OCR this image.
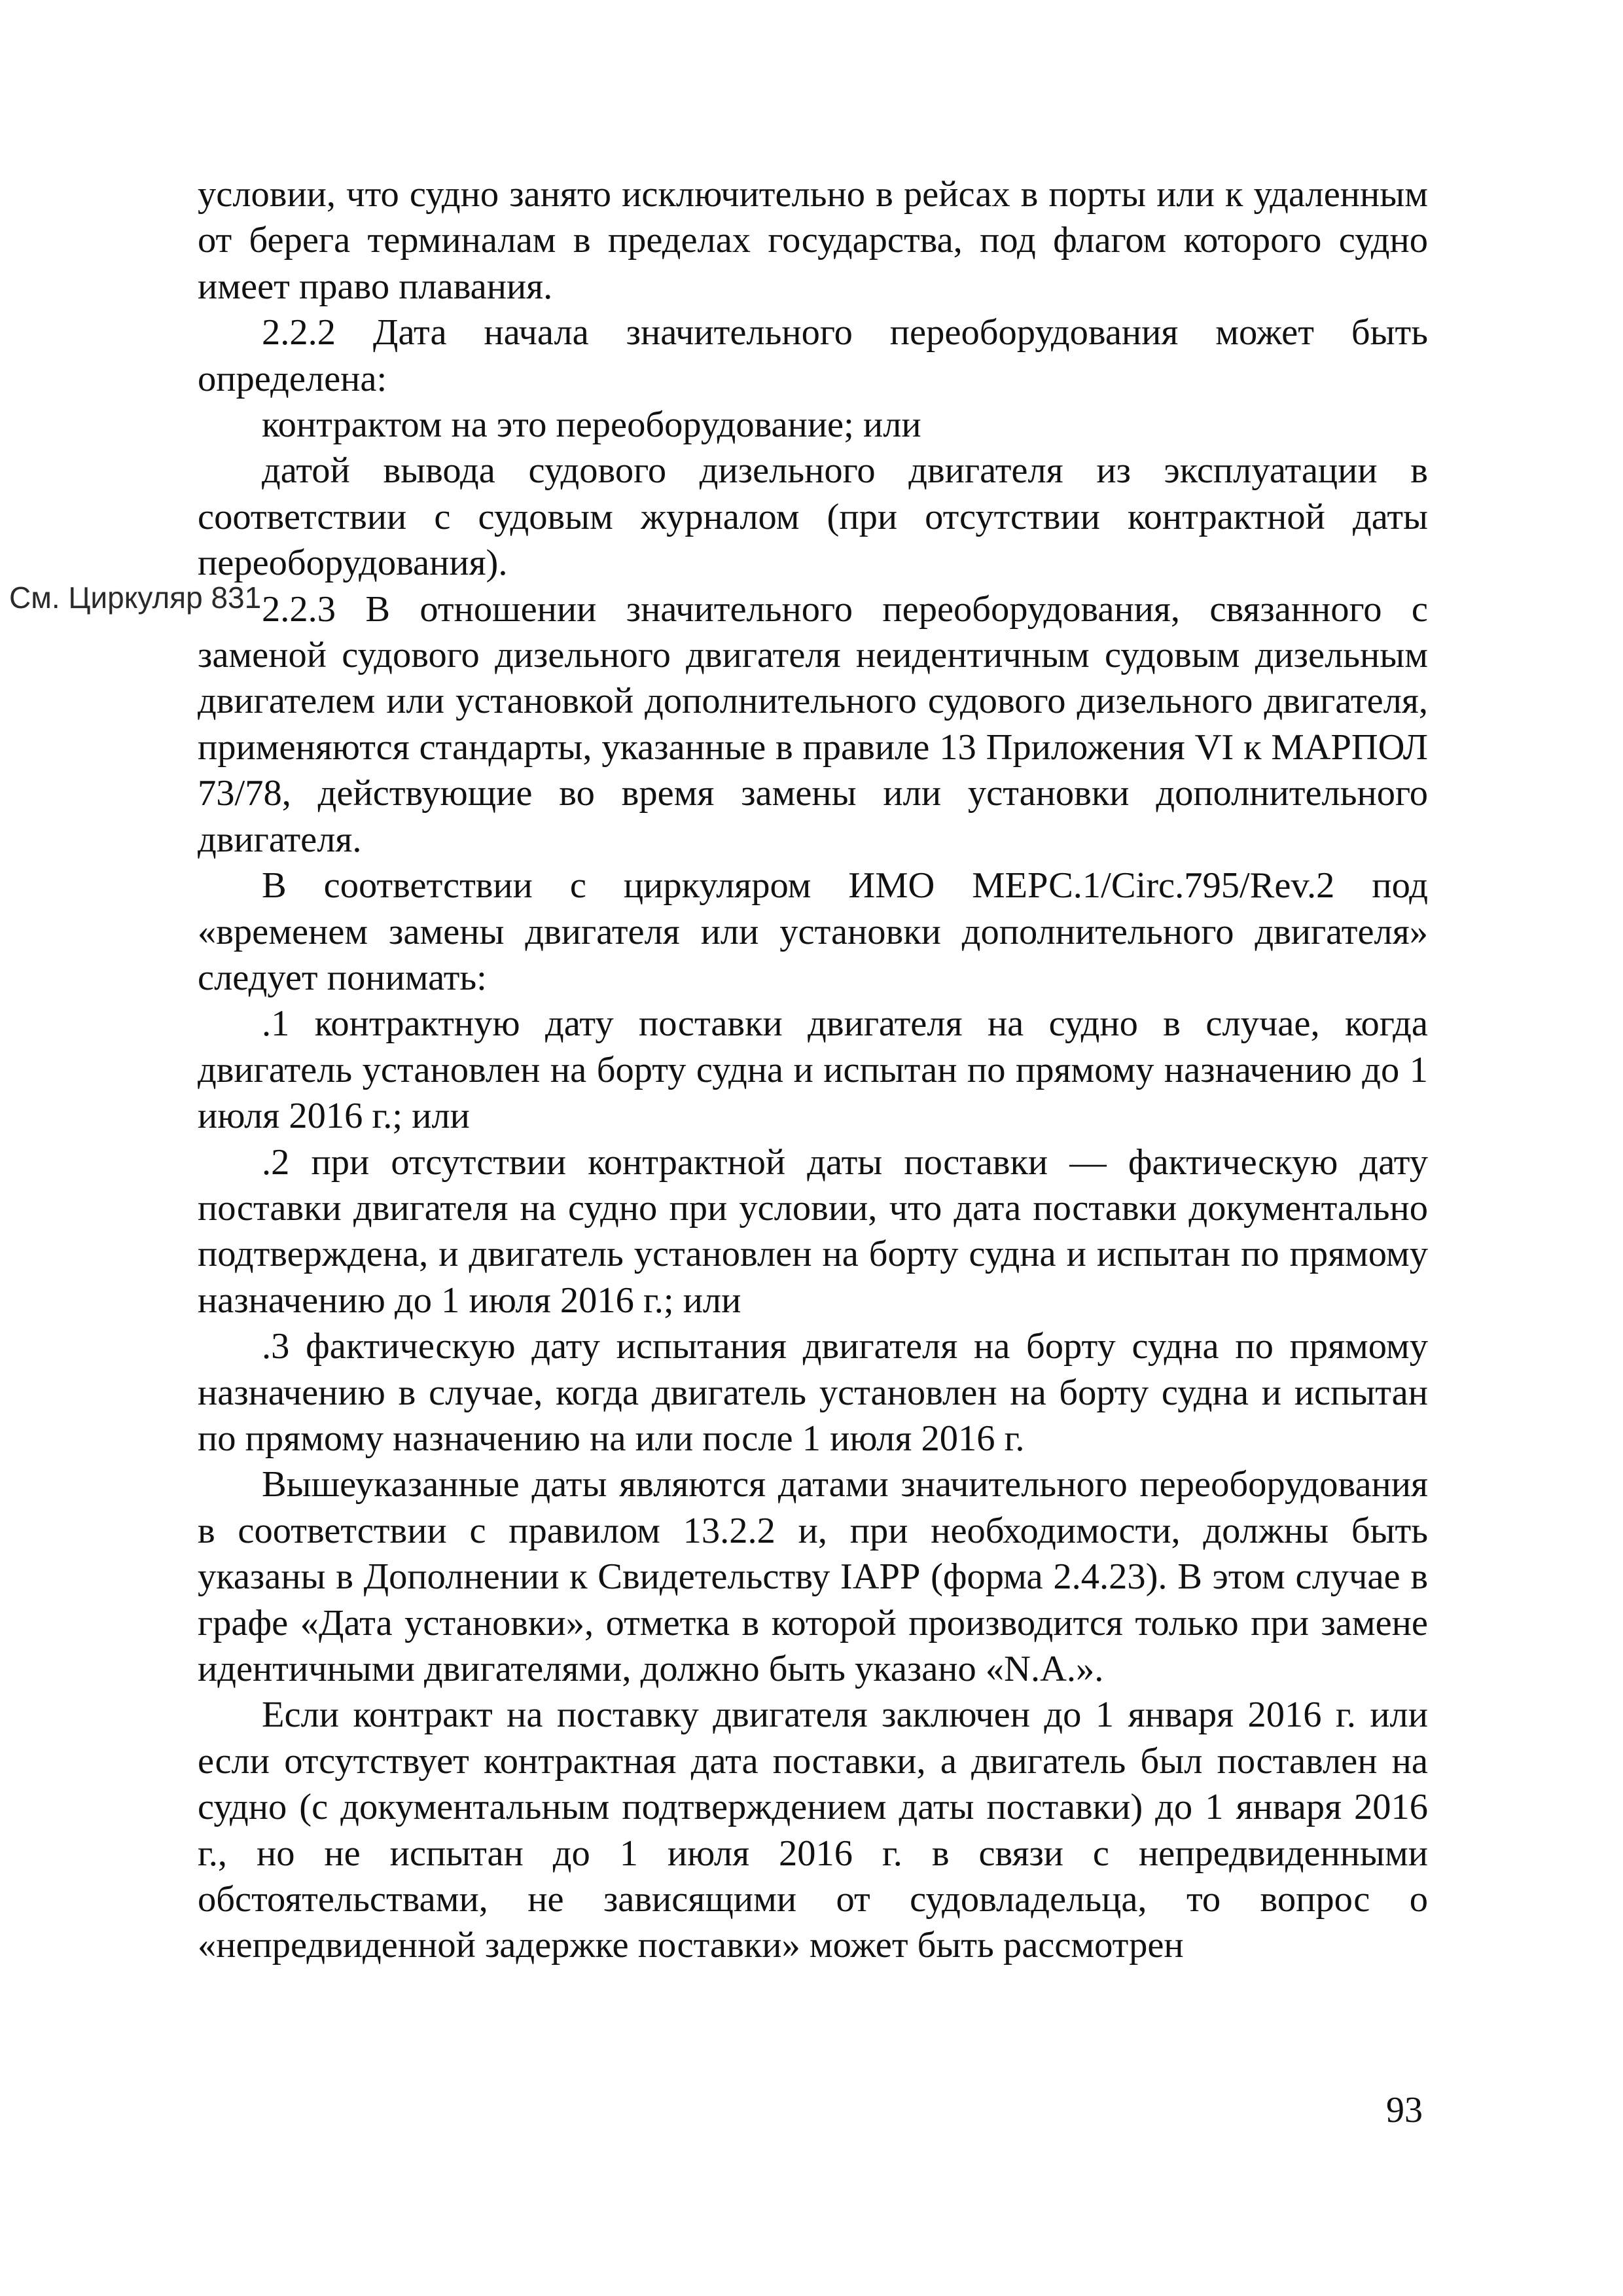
См. Циркуляр 831

условии, что судно занято исключительно в рейсах в порты или к удаленным от берега терминалам в пределах государства, под флагом которого судно имеет право плавания.

2.2.2 Дата начала значительного переоборудования может быть определена:

контрактом на это переоборудование; или

датой вывода судового дизельного двигателя из эксплуатации в соответствии с судовым журналом (при отсутствии контрактной даты переоборудования).

2.2.3 В отношении значительного переоборудования, связанного с заменой судового дизельного двигателя неидентичным судовым дизельным двигателем или установкой дополнительного судового дизельного двигателя, применяются стандарты, указанные в правиле 13 Приложения VI к МАРПОЛ 73/78, действующие во время замены или установки дополнительного двигателя.

В соответствии с циркуляром ИМО МЕРС.1/Circ.795/Rev.2 под «временем замены двигателя или установки дополнительного двигателя» следует понимать:

.1 контрактную дату поставки двигателя на судно в случае, когда двигатель установлен на борту судна и испытан по прямому назначению до 1 июля 2016 г.; или

.2 при отсутствии контрактной даты поставки — фактическую дату поставки двигателя на судно при условии, что дата поставки документально подтверждена, и двигатель установлен на борту судна и испытан по прямому назначению до 1 июля 2016 г.; или

.3 фактическую дату испытания двигателя на борту судна по прямому назначению в случае, когда двигатель установлен на борту судна и испытан по прямому назначению на или после 1 июля 2016 г.

Вышеуказанные даты являются датами значительного переоборудования в соответствии с правилом 13.2.2 и, при необходимости, должны быть указаны в Дополнении к Свидетельству IАРР (форма 2.4.23). В этом случае в графе «Дата установки», отметка в которой производится только при замене идентичными двигателями, должно быть указано «N.A.».

Если контракт на поставку двигателя заключен до 1 января 2016 г. или если отсутствует контрактная дата поставки, а двигатель был поставлен на судно (с документальным подтверждением даты поставки) до 1 января 2016 г., но не испытан до 1 июля 2016 г. в связи с непредвиденными обстоятельствами, не зависящими от судовладельца, то вопрос о «непредвиденной задержке поставки» может быть рассмотрен

93
